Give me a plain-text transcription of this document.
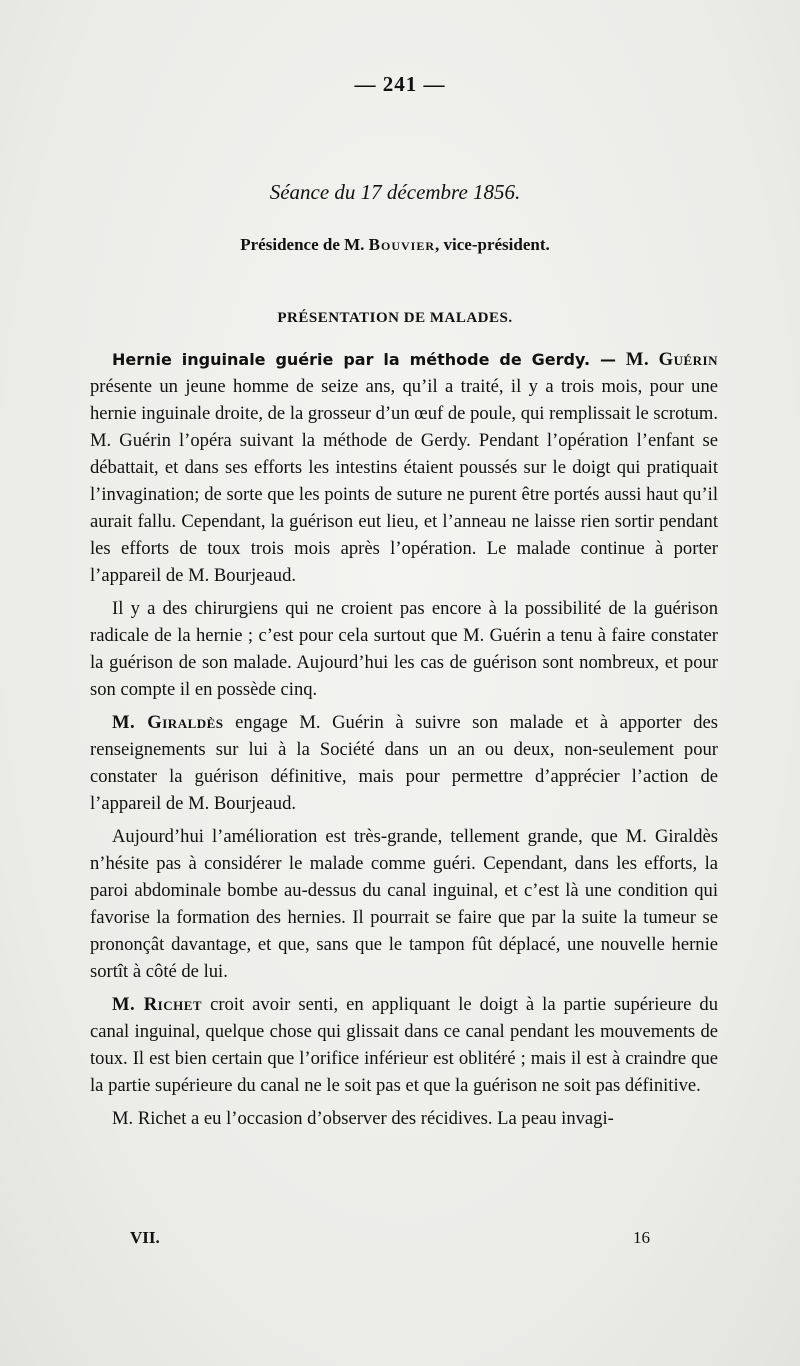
— 241 —
Séance du 17 décembre 1856.
Présidence de M. Bouvier, vice-président.
PRÉSENTATION DE MALADES.

Hernie inguinale guérie par la méthode de Gerdy. — M. Guérin présente un jeune homme de seize ans, qu’il a traité, il y a trois mois, pour une hernie inguinale droite, de la grosseur d’un œuf de poule, qui remplissait le scrotum. M. Guérin l’opéra suivant la méthode de Gerdy. Pendant l’opération l’enfant se débattait, et dans ses efforts les intestins étaient poussés sur le doigt qui pratiquait l’invagination; de sorte que les points de suture ne purent être portés aussi haut qu’il aurait fallu. Cependant, la guérison eut lieu, et l’anneau ne laisse rien sortir pendant les efforts de toux trois mois après l’opération. Le malade continue à porter l’appareil de M. Bourjeaud.

Il y a des chirurgiens qui ne croient pas encore à la possibilité de la guérison radicale de la hernie ; c’est pour cela surtout que M. Guérin a tenu à faire constater la guérison de son malade. Aujourd’hui les cas de guérison sont nombreux, et pour son compte il en possède cinq.

M. Giraldès engage M. Guérin à suivre son malade et à apporter des renseignements sur lui à la Société dans un an ou deux, non-seulement pour constater la guérison définitive, mais pour permettre d’apprécier l’action de l’appareil de M. Bourjeaud.

Aujourd’hui l’amélioration est très-grande, tellement grande, que M. Giraldès n’hésite pas à considérer le malade comme guéri. Cependant, dans les efforts, la paroi abdominale bombe au-dessus du canal inguinal, et c’est là une condition qui favorise la formation des hernies. Il pourrait se faire que par la suite la tumeur se prononçât davantage, et que, sans que le tampon fût déplacé, une nouvelle hernie sortît à côté de lui.

M. Richet croit avoir senti, en appliquant le doigt à la partie supérieure du canal inguinal, quelque chose qui glissait dans ce canal pendant les mouvements de toux. Il est bien certain que l’orifice inférieur est oblitéré ; mais il est à craindre que la partie supérieure du canal ne le soit pas et que la guérison ne soit pas définitive.

M. Richet a eu l’occasion d’observer des récidives. La peau invagi-

VII.	16
